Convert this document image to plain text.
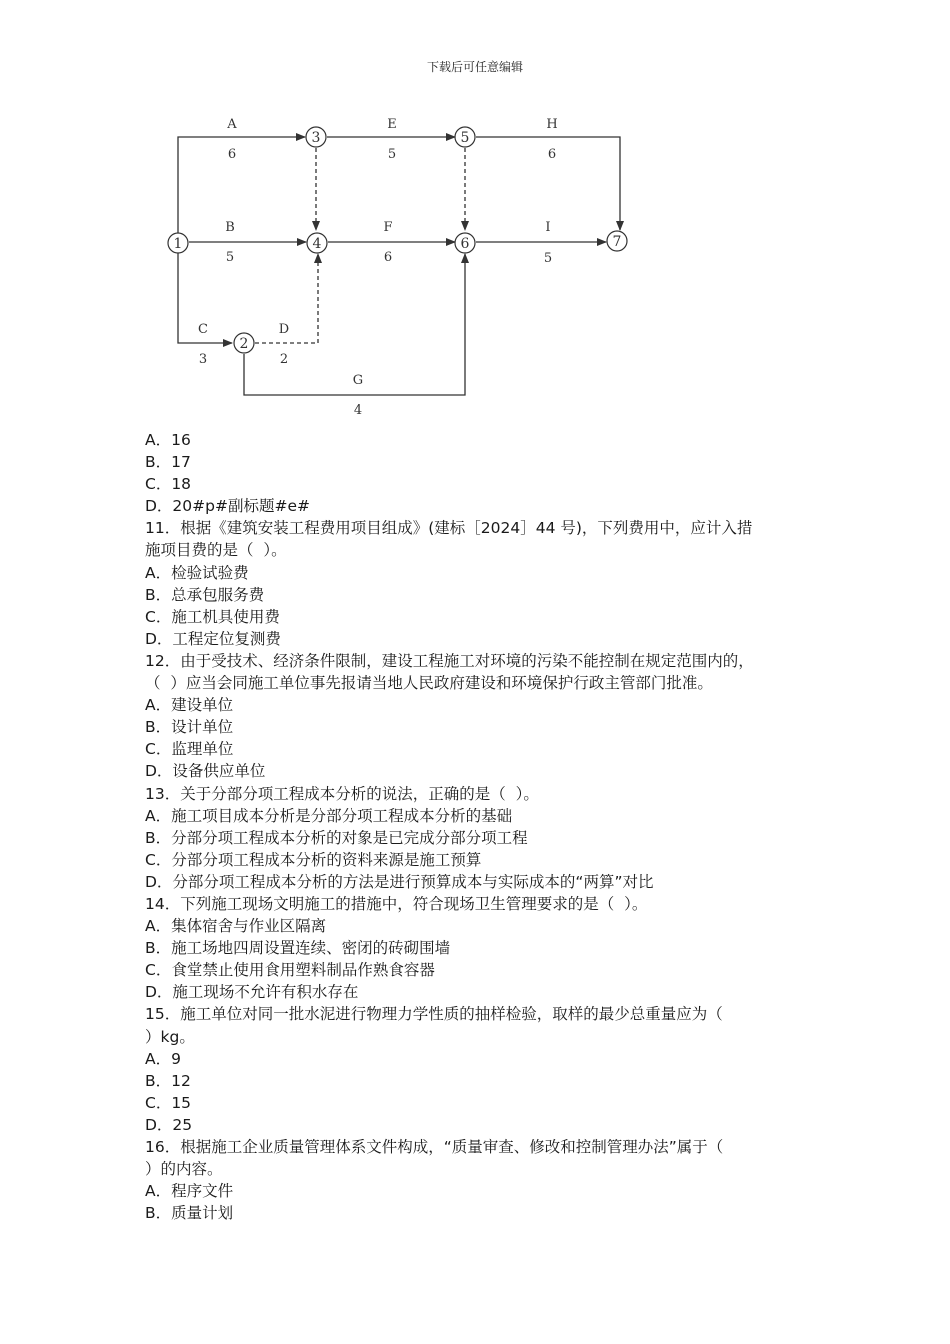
下载后可任意编辑
1
2
3
4
5
6	7
A
6
E
5
H
6
B
5
F
6
I
5
C
3
D
2
G
4

A．16

B．17

C．18

D．20#p#副标题#e#

11．根据《建筑安装工程费用项目组成》(建标［2024］44 号)，下列费用中，应计入措

施项目费的是（  ）。

A．检验试验费

B．总承包服务费

C．施工机具使用费

D．工程定位复测费

12．由于受技术、经济条件限制，建设工程施工对环境的污染不能控制在规定范围内的，

（  ）应当会同施工单位事先报请当地人民政府建设和环境保护行政主管部门批准。

A．建设单位

B．设计单位

C．监理单位

D．设备供应单位

13．关于分部分项工程成本分析的说法，正确的是（  ）。

A．施工项目成本分析是分部分项工程成本分析的基础

B．分部分项工程成本分析的对象是已完成分部分项工程

C．分部分项工程成本分析的资料来源是施工预算

D．分部分项工程成本分析的方法是进行预算成本与实际成本的“两算”对比

14．下列施工现场文明施工的措施中，符合现场卫生管理要求的是（  ）。

A．集体宿舍与作业区隔离

B．施工场地四周设置连续、密闭的砖砌围墙

C．食堂禁止使用食用塑料制品作熟食容器

D．施工现场不允许有积水存在

15．施工单位对同一批水泥进行物理力学性质的抽样检验，取样的最少总重量应为（

）kg。

A．9

B．12

C．15

D．25

16．根据施工企业质量管理体系文件构成，“质量审查、修改和控制管理办法”属于（

）的内容。

A．程序文件

B．质量计划
